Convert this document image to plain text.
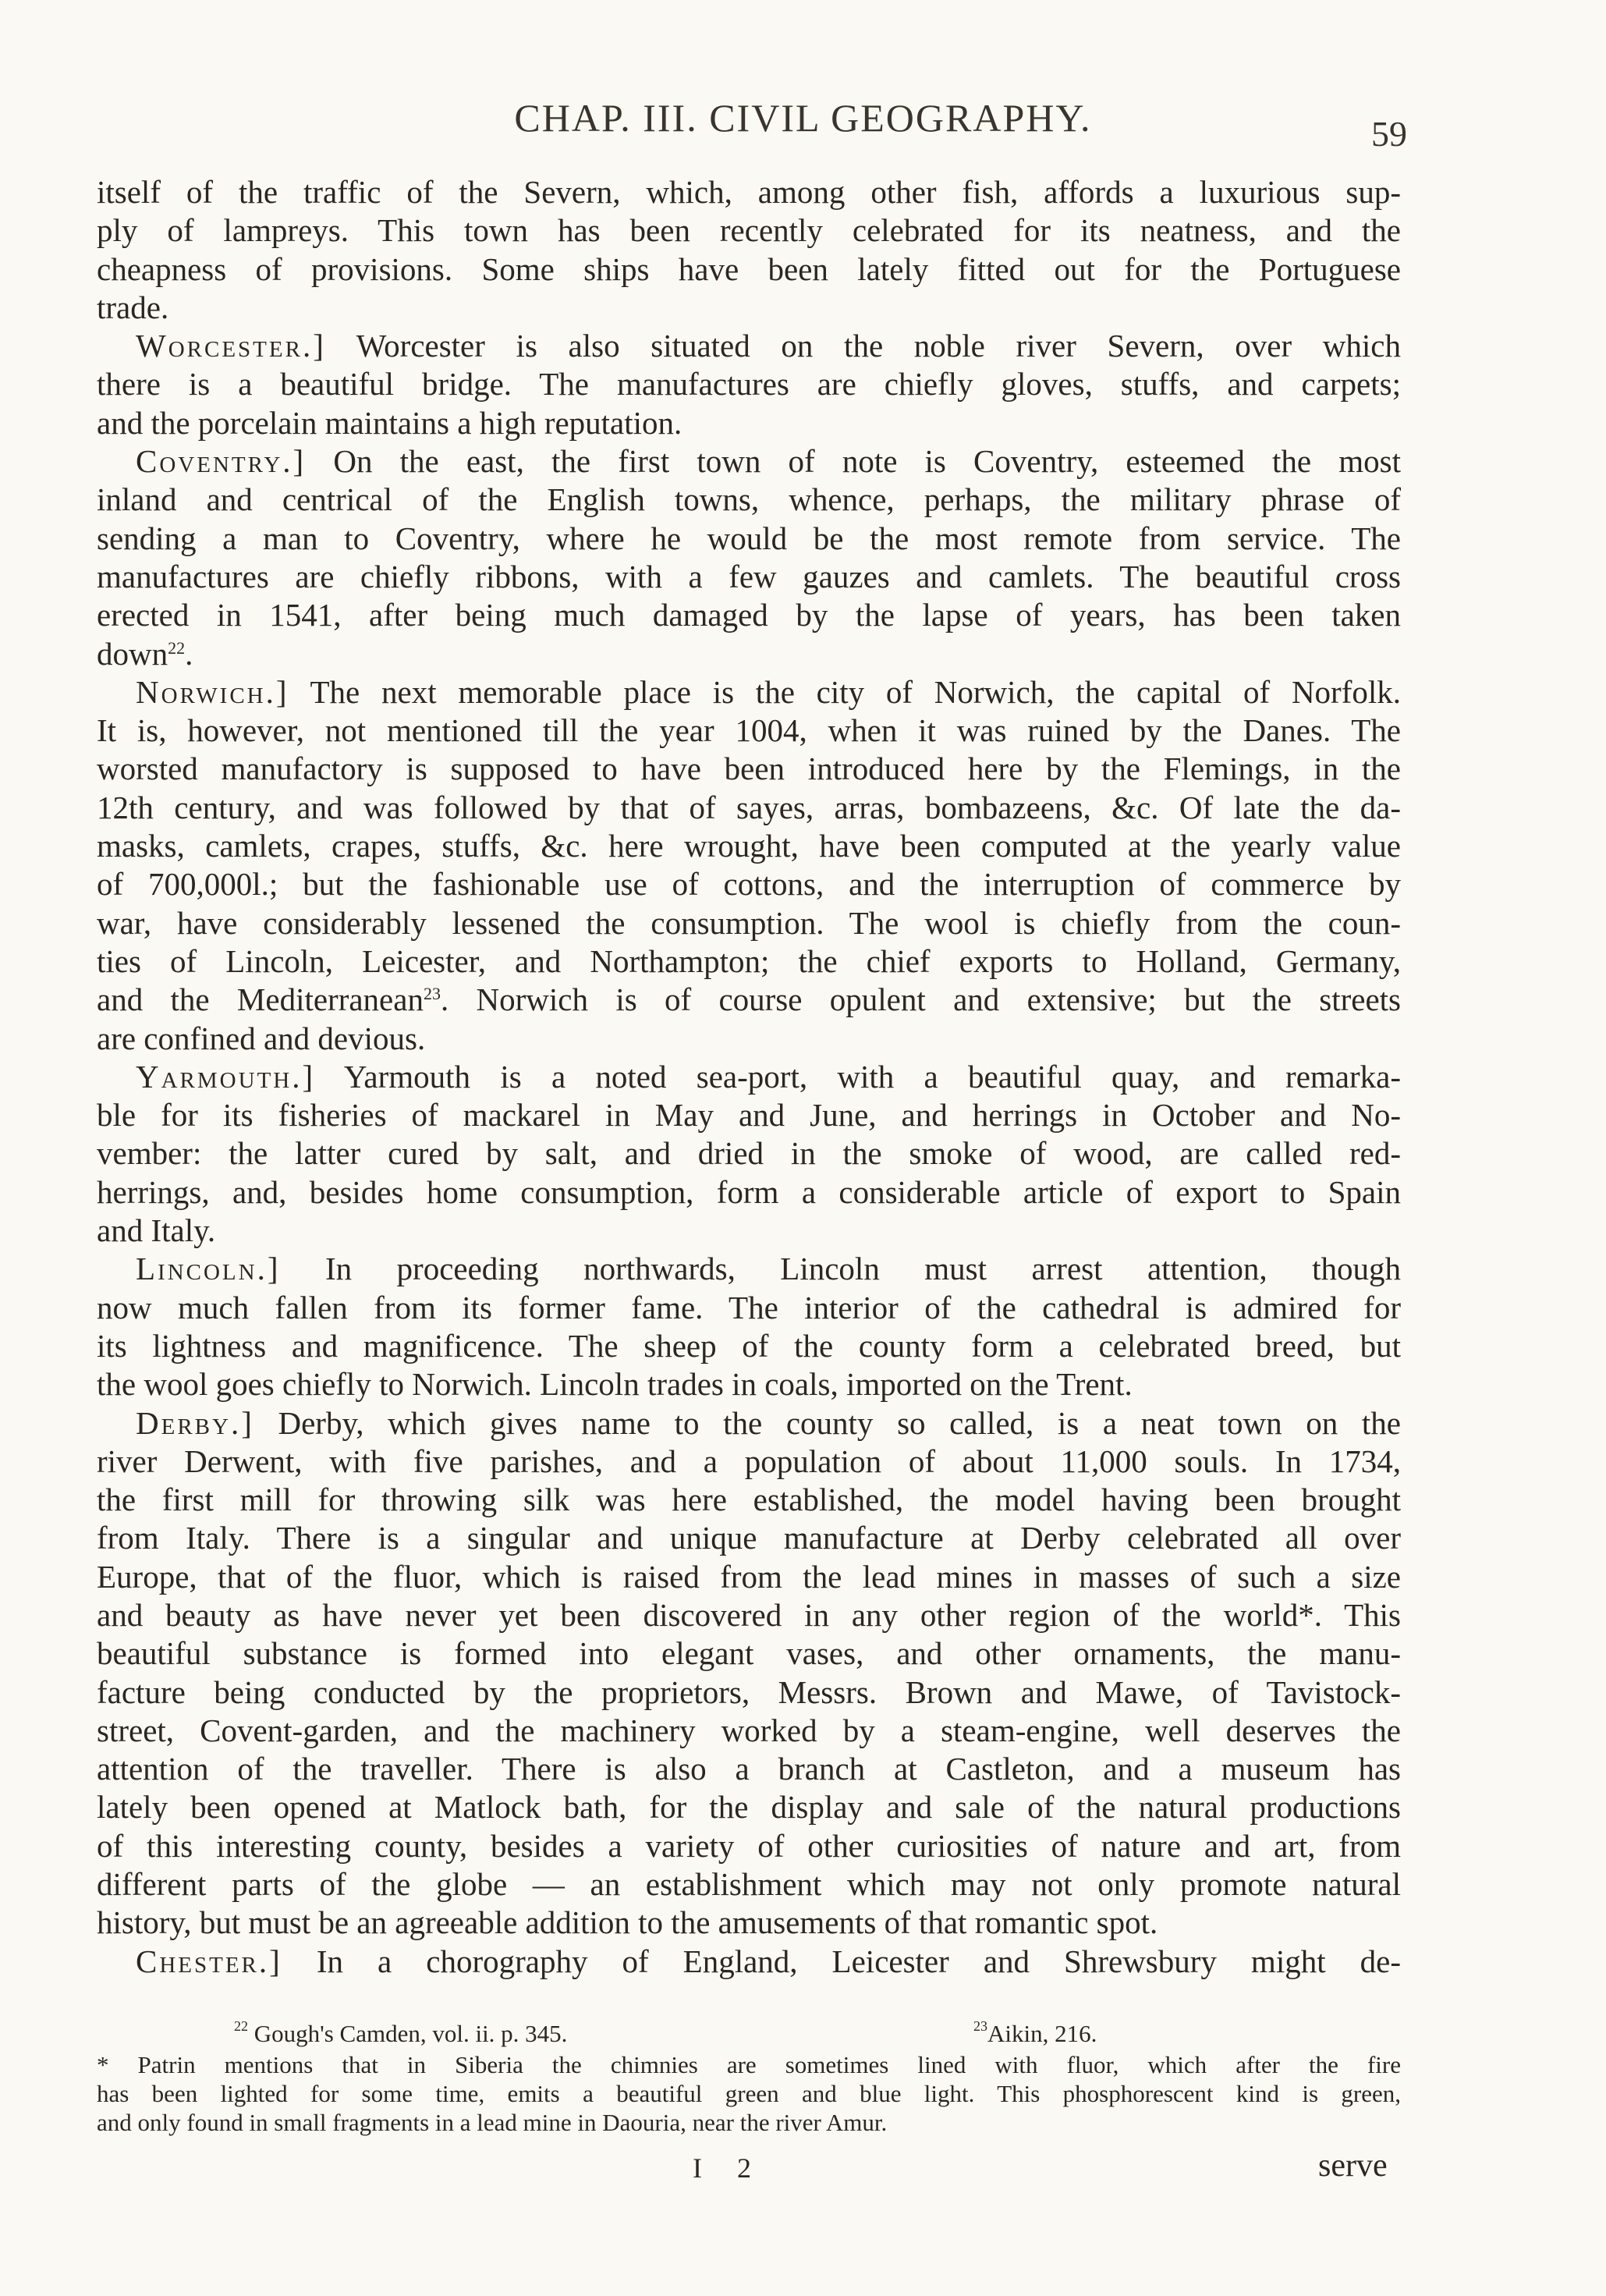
CHAP. III. CIVIL GEOGRAPHY.	59
itself of the traffic of the Severn, which, among other fish, affords a luxurious sup-
ply of lampreys. This town has been recently celebrated for its neatness, and the
cheapness of provisions. Some ships have been lately fitted out for the Portuguese
trade.
Worcester.] Worcester is also situated on the noble river Severn, over which
there is a beautiful bridge. The manufactures are chiefly gloves, stuffs, and carpets;
and the porcelain maintains a high reputation.
Coventry.] On the east, the first town of note is Coventry, esteemed the most
inland and centrical of the English towns, whence, perhaps, the military phrase of
sending a man to Coventry, where he would be the most remote from service. The
manufactures are chiefly ribbons, with a few gauzes and camlets. The beautiful cross
erected in 1541, after being much damaged by the lapse of years, has been taken
down$^{22}$.
Norwich.] The next memorable place is the city of Norwich, the capital of Norfolk.
It is, however, not mentioned till the year 1004, when it was ruined by the Danes. The
worsted manufactory is supposed to have been introduced here by the Flemings, in the
12th century, and was followed by that of sayes, arras, bombazeens, &c. Of late the da-
masks, camlets, crapes, stuffs, &c. here wrought, have been computed at the yearly value
of 700,000l.; but the fashionable use of cottons, and the interruption of commerce by
war, have considerably lessened the consumption. The wool is chiefly from the coun-
ties of Lincoln, Leicester, and Northampton; the chief exports to Holland, Germany,
and the Mediterranean$^{23}$. Norwich is of course opulent and extensive; but the streets
are confined and devious.
Yarmouth.] Yarmouth is a noted sea-port, with a beautiful quay, and remarka-
ble for its fisheries of mackarel in May and June, and herrings in October and No-
vember: the latter cured by salt, and dried in the smoke of wood, are called red-
herrings, and, besides home consumption, form a considerable article of export to Spain
and Italy.
Lincoln.] In proceeding northwards, Lincoln must arrest attention, though
now much fallen from its former fame. The interior of the cathedral is admired for
its lightness and magnificence. The sheep of the county form a celebrated breed, but
the wool goes chiefly to Norwich. Lincoln trades in coals, imported on the Trent.
Derby.] Derby, which gives name to the county so called, is a neat town on the
river Derwent, with five parishes, and a population of about 11,000 souls. In 1734,
the first mill for throwing silk was here established, the model having been brought
from Italy. There is a singular and unique manufacture at Derby celebrated all over
Europe, that of the fluor, which is raised from the lead mines in masses of such a size
and beauty as have never yet been discovered in any other region of the world*. This
beautiful substance is formed into elegant vases, and other ornaments, the manu-
facture being conducted by the proprietors, Messrs. Brown and Mawe, of Tavistock-
street, Covent-garden, and the machinery worked by a steam-engine, well deserves the
attention of the traveller. There is also a branch at Castleton, and a museum has
lately been opened at Matlock bath, for the display and sale of the natural productions
of this interesting county, besides a variety of other curiosities of nature and art, from
different parts of the globe — an establishment which may not only promote natural
history, but must be an agreeable addition to the amusements of that romantic spot.
Chester.] In a chorography of England, Leicester and Shrewsbury might de-
$^{22}$ Gough's Camden, vol. ii. p. 345.	$^{23}$Aikin, 216.
* Patrin mentions that in Siberia the chimnies are sometimes lined with fluor, which after the fire
has been lighted for some time, emits a beautiful green and blue light. This phosphorescent kind is green,
and only found in small fragments in a lead mine in Daouria, near the river Amur.
I 2	serve
